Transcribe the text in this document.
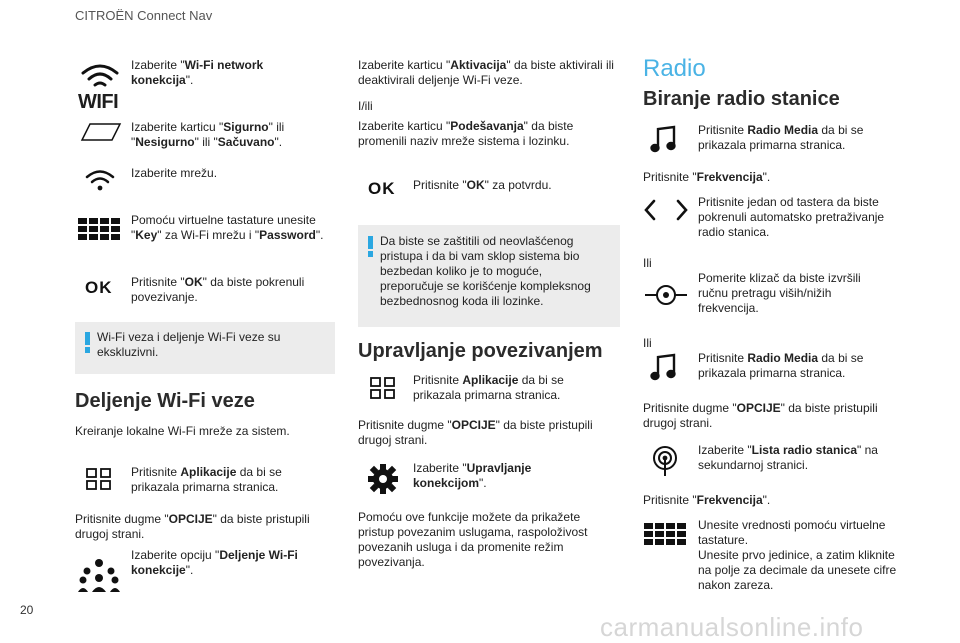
CITROËN Connect Nav
20
carmanualsonline.info
WIFI
Izaberite "Wi-Fi network konekcija".
Izaberite karticu "Sigurno" ili "Nesigurno" ili "Sačuvano".
Izaberite mrežu.
Pomoću virtuelne tastature unesite "Key" za Wi-Fi mrežu i "Password".
OK Pritisnite "OK" da biste pokrenuli povezivanje.
Wi-Fi veza i deljenje Wi-Fi veze su ekskluzivni.
Deljenje Wi-Fi veze
Kreiranje lokalne Wi-Fi mreže za sistem.
Pritisnite Aplikacije da bi se prikazala primarna stranica.
Pritisnite dugme "OPCIJE" da biste pristupili drugoj strani.
Izaberite opciju "Deljenje Wi-Fi konekcije".
Izaberite karticu "Aktivacija" da biste aktivirali ili deaktivirali deljenje Wi-Fi veze.
I/ili
Izaberite karticu "Podešavanja" da biste promenili naziv mreže sistema i lozinku.
OK Pritisnite "OK" za potvrdu.
Da biste se zaštitili od neovlašćenog pristupa i da bi vam sklop sistema bio bezbedan koliko je to moguće, preporučuje se korišćenje kompleksnog bezbednosnog koda ili lozinke.
Upravljanje povezivanjem
Pritisnite Aplikacije da bi se prikazala primarna stranica.
Pritisnite dugme "OPCIJE" da biste pristupili drugoj strani.
Izaberite "Upravljanje konekcijom".
Pomoću ove funkcije možete da prikažete pristup povezanim uslugama, raspoloživost povezanih usluga i da promenite režim povezivanja.
Radio
Biranje radio stanice
Pritisnite Radio Media da bi se prikazala primarna stranica.
Pritisnite "Frekvencija".
Pritisnite jedan od tastera da biste pokrenuli automatsko pretraživanje radio stanica.
Ili
Pomerite klizač da biste izvršili ručnu pretragu viših/nižih frekvencija.
Ili
Pritisnite Radio Media da bi se prikazala primarna stranica.
Pritisnite dugme "OPCIJE" da biste pristupili drugoj strani.
Izaberite "Lista radio stanica" na sekundarnoj stranici.
Pritisnite "Frekvencija".
Unesite vrednosti pomoću virtuelne tastature.
Unesite prvo jedinice, a zatim kliknite na polje za decimale da unesete cifre nakon zareza.
